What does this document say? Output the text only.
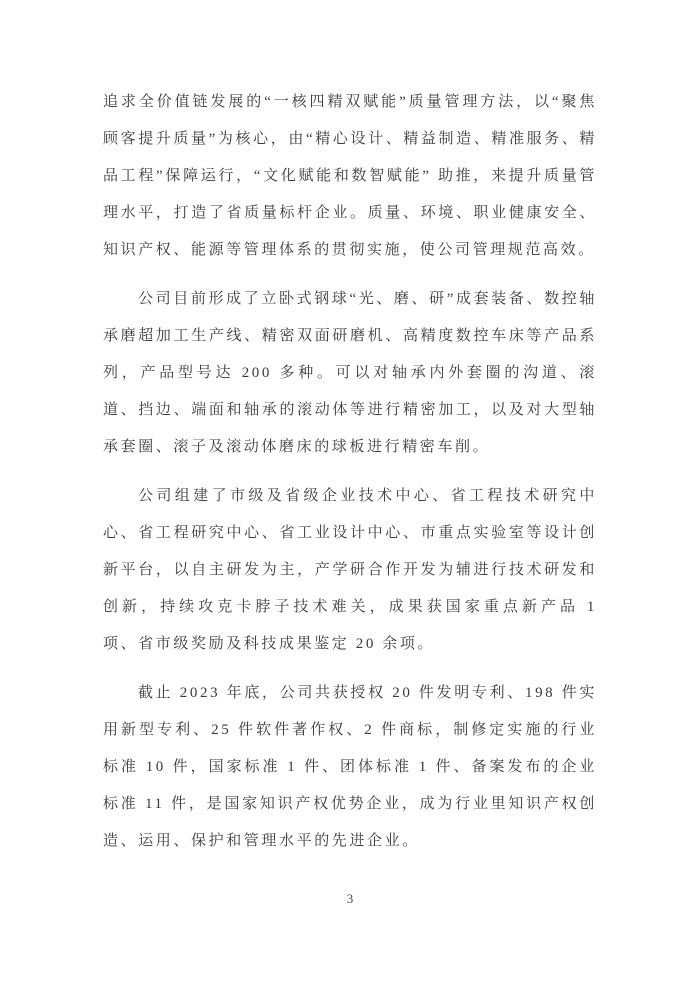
追求全价值链发展的“一核四精双赋能”质量管理方法，以“聚焦顾客提升质量”为核心，由“精心设计、精益制造、精准服务、精品工程”保障运行，“文化赋能和数智赋能” 助推，来提升质量管理水平，打造了省质量标杆企业。质量、环境、职业健康安全、知识产权、能源等管理体系的贯彻实施，使公司管理规范高效。

公司目前形成了立卧式钢球“光、磨、研”成套装备、数控轴承磨超加工生产线、精密双面研磨机、高精度数控车床等产品系列，产品型号达 200 多种。可以对轴承内外套圈的沟道、滚道、挡边、端面和轴承的滚动体等进行精密加工，以及对大型轴承套圈、滚子及滚动体磨床的球板进行精密车削。

公司组建了市级及省级企业技术中心、省工程技术研究中心、省工程研究中心、省工业设计中心、市重点实验室等设计创新平台，以自主研发为主，产学研合作开发为辅进行技术研发和创新，持续攻克卡脖子技术难关，成果获国家重点新产品 1 项、省市级奖励及科技成果鉴定 20 余项。

截止 2023 年底，公司共获授权 20 件发明专利、198 件实用新型专利、25 件软件著作权、2 件商标，制修定实施的行业标准 10 件，国家标准 1 件、团体标准 1 件、备案发布的企业标准 11 件，是国家知识产权优势企业，成为行业里知识产权创造、运用、保护和管理水平的先进企业。

3
